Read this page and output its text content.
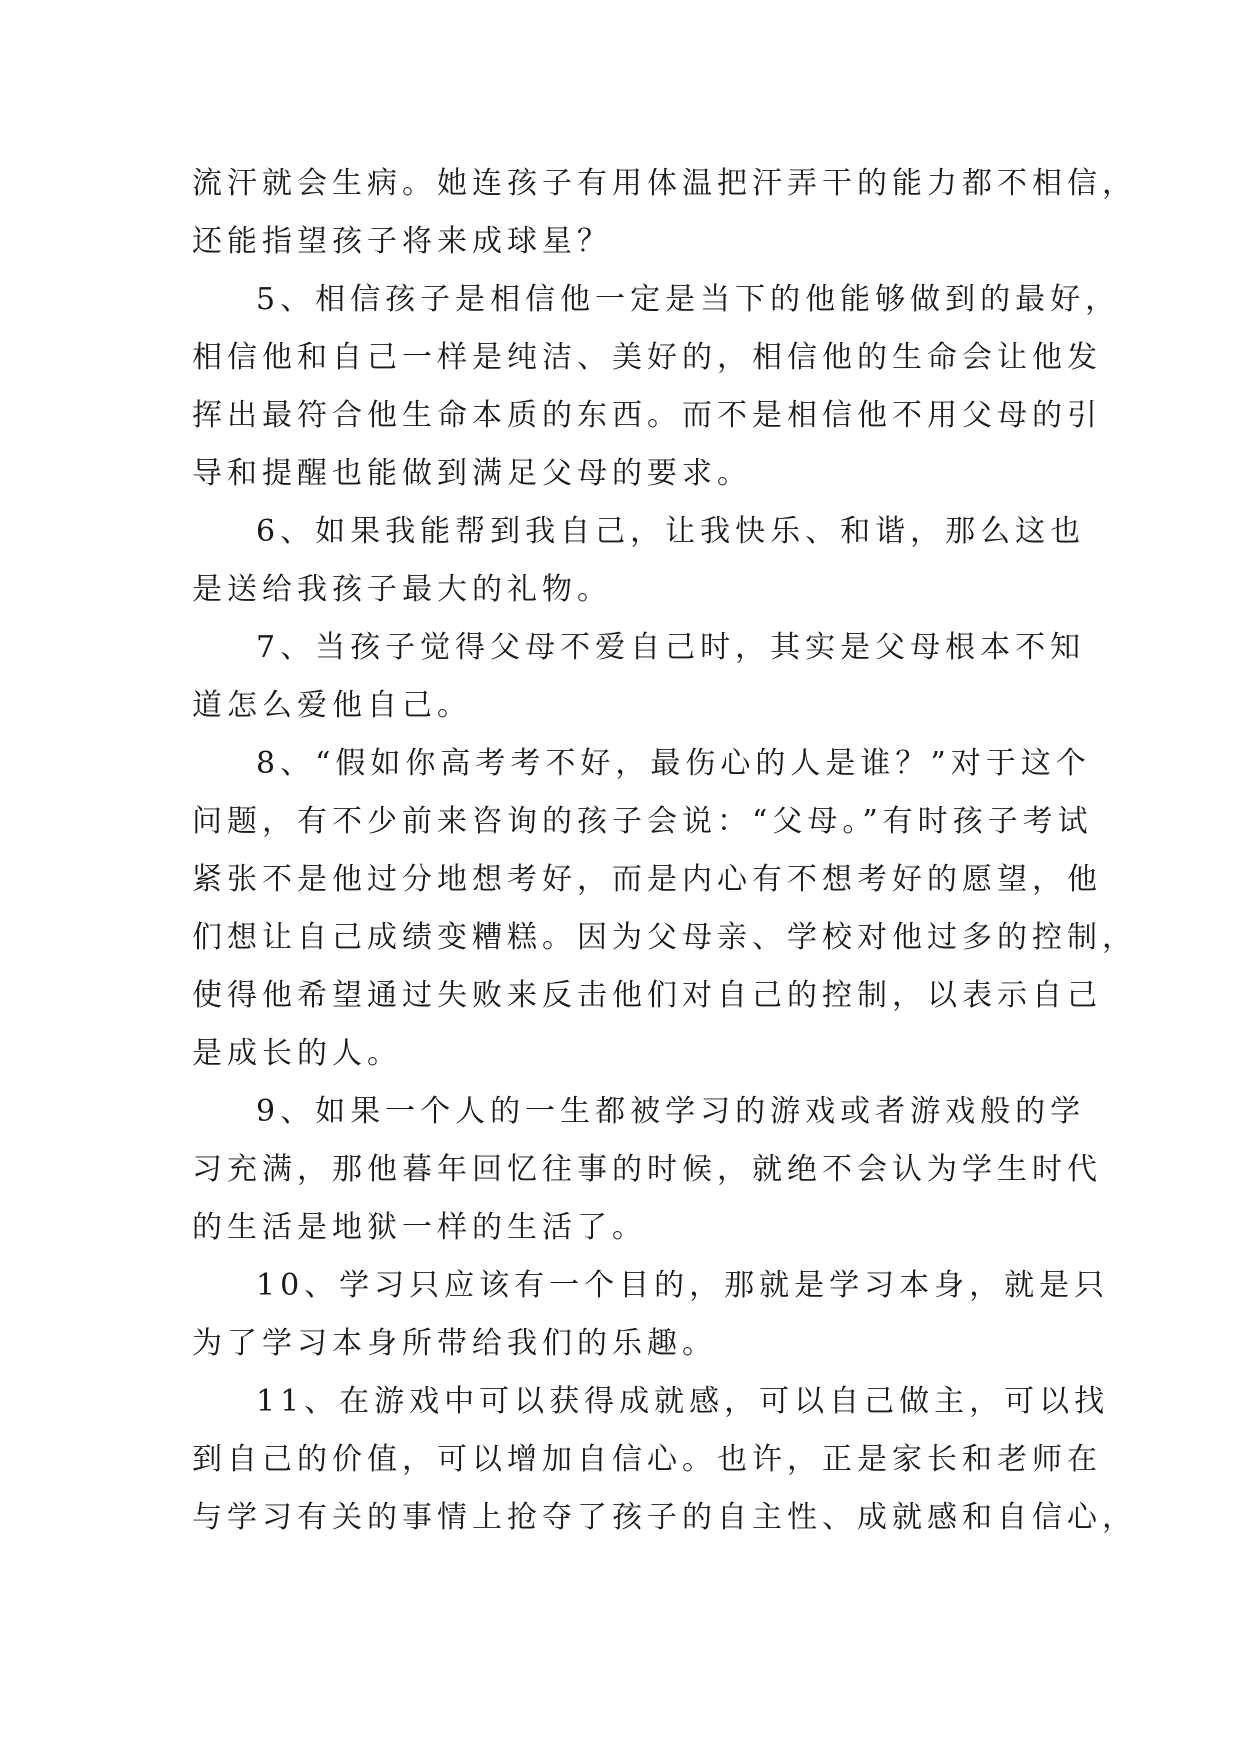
流汗就会生病。她连孩子有用体温把汗弄干的能力都不相信，
还能指望孩子将来成球星？

5、相信孩子是相信他一定是当下的他能够做到的最好，
相信他和自己一样是纯洁、美好的，相信他的生命会让他发
挥出最符合他生命本质的东西。而不是相信他不用父母的引
导和提醒也能做到满足父母的要求。

6、如果我能帮到我自己，让我快乐、和谐，那么这也
是送给我孩子最大的礼物。

7、当孩子觉得父母不爱自己时，其实是父母根本不知
道怎么爱他自己。

8、“假如你高考考不好，最伤心的人是谁？”对于这个
问题，有不少前来咨询的孩子会说：“父母。”有时孩子考试
紧张不是他过分地想考好，而是内心有不想考好的愿望，他
们想让自己成绩变糟糕。因为父母亲、学校对他过多的控制，
使得他希望通过失败来反击他们对自己的控制，以表示自己
是成长的人。

9、如果一个人的一生都被学习的游戏或者游戏般的学
习充满，那他暮年回忆往事的时候，就绝不会认为学生时代
的生活是地狱一样的生活了。

10、学习只应该有一个目的，那就是学习本身，就是只
为了学习本身所带给我们的乐趣。

11、在游戏中可以获得成就感，可以自己做主，可以找
到自己的价值，可以增加自信心。也许，正是家长和老师在
与学习有关的事情上抢夺了孩子的自主性、成就感和自信心，
